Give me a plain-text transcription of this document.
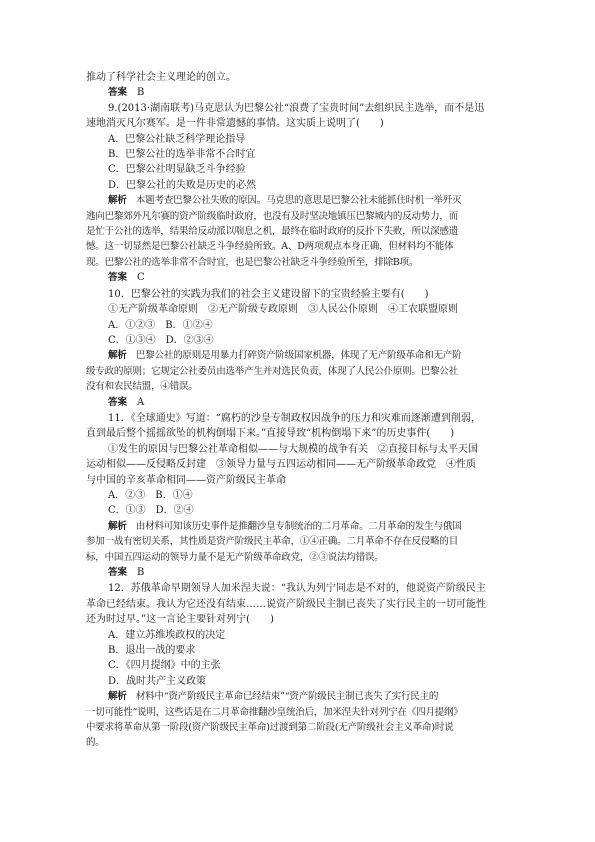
推动了科学社会主义理论的创立。
答案　 B
9.(2013·湖南联考)马克思认为巴黎公社“浪费了宝贵时间”去组织民主选举，而不是迅
速地消灭凡尔赛军。是一件非常遗憾的事情。这实质上说明了(　　)
A．巴黎公社缺乏科学理论指导
B．巴黎公社的选举非常不合时宜
C．巴黎公社明显缺乏斗争经验
D．巴黎公社的失败是历史的必然
解析　 本题考查巴黎公社失败的原因。马克思的意思是巴黎公社未能抓住时机一举歼灭
逃向巴黎郊外凡尔赛的资产阶级临时政府，也没有及时坚决地镇压巴黎城内的反动势力，而
是忙于公社的选举，结果给反动派以喘息之机，最终在临时政府的反扑下失败，所以深感遗
憾。这一切显然是巴黎公社缺乏斗争经验所致。A、D两项观点本身正确，但材料均不能体
现。巴黎公社的选举非常不合时宜，也是巴黎公社缺乏斗争经验所至，排除B项。
答案　 C
10．巴黎公社的实践为我们的社会主义建设留下的宝贵经验主要有(　　)
①无产阶级革命原则　②无产阶级专政原则　③人民公仆原则　④工农联盟原则
A．①②③　B．①②④
C．①③④　D．②③④
解析　 巴黎公社的原则是用暴力打碎资产阶级国家机器，体现了无产阶级革命和无产阶
级专政的原则；它规定公社委员由选举产生并对选民负责，体现了人民公仆原则。巴黎公社
没有和农民结盟，④错误。
答案　 A
11．《全球通史》写道：“腐朽的沙皇专制政权因战争的压力和灾难而逐渐遭到削弱，
直到最后整个摇摇欲坠的机构倒塌下来。”直接导致“机构倒塌下来”的历史事件(　　)
①发生的原因与巴黎公社革命相似——与大规模的战争有关　②直接目标与太平天国
运动相似——反侵略反封建　③领导力量与五四运动相同——无产阶级革命政党　④性质
与中国的辛亥革命相同——资产阶级民主革命
A．②③　B．①④
C．①③　D．②④
解析　 由材料可知该历史事件是推翻沙皇专制统治的二月革命。二月革命的发生与俄国
参加一战有密切关系，其性质是资产阶级民主革命，①④正确。二月革命不存在反侵略的目
标，中国五四运动的领导力量不是无产阶级革命政党，②③说法均错误。
答案　 B
12．苏俄革命早期领导人加米涅夫说：“我认为列宁同志是不对的，他说资产阶级民主
革命已经结束。我认为它还没有结束……说资产阶级民主制已丧失了实行民主的一切可能性
还为时过早。”这一言论主要针对列宁(　　)
A．建立苏维埃政权的决定
B．退出一战的要求
C．《四月提纲》中的主张
D．战时共产主义政策
解析　 材料中“资产阶级民主革命已经结束”“资产阶级民主制已丧失了实行民主的
一切可能性”说明，这些话是在二月革命推翻沙皇统治后，加米涅夫针对列宁在《四月提纲》
中要求将革命从第一阶段(资产阶级民主革命)过渡到第二阶段(无产阶级社会主义革命)时说
的。
